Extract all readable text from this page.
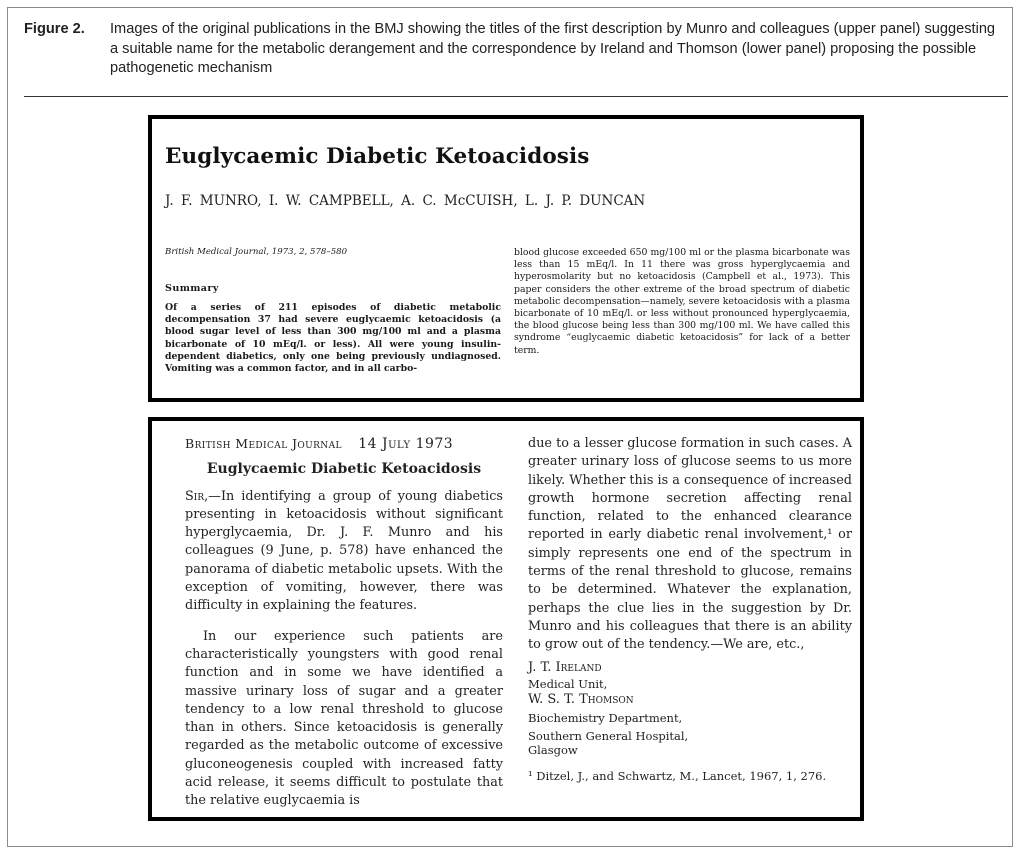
Figure 2. Images of the original publications in the BMJ showing the titles of the first description by Munro and colleagues (upper panel) suggesting a suitable name for the metabolic derangement and the correspondence by Ireland and Thomson (lower panel) proposing the possible pathogenetic mechanism
Euglycaemic Diabetic Ketoacidosis
J. F. MUNRO, I. W. CAMPBELL, A. C. McCUISH, L. J. P. DUNCAN
British Medical Journal, 1973, 2, 578–580
Summary
Of a series of 211 episodes of diabetic metabolic decompensation 37 had severe euglycaemic ketoacidosis (a blood sugar level of less than 300 mg/100 ml and a plasma bicarbonate of 10 mEq/l. or less). All were young insulin-dependent diabetics, only one being previously undiagnosed. Vomiting was a common factor, and in all carbo-
blood glucose exceeded 650 mg/100 ml or the plasma bicarbonate was less than 15 mEq/l. In 11 there was gross hyperglycaemia and hyperosmolarity but no ketoacidosis (Campbell et al., 1973). This paper considers the other extreme of the broad spectrum of diabetic metabolic decompensation—namely, severe ketoacidosis with a plasma bicarbonate of 10 mEq/l. or less without pronounced hyperglycaemia, the blood glucose being less than 300 mg/100 ml. We have called this syndrome “euglycaemic diabetic ketoacidosis” for lack of a better term.
British Medical Journal 14 July 1973
Euglycaemic Diabetic Ketoacidosis

Sir,—In identifying a group of young diabetics presenting in ketoacidosis without significant hyperglycaemia, Dr. J. F. Munro and his colleagues (9 June, p. 578) have enhanced the panorama of diabetic metabolic upsets. With the exception of vomiting, however, there was difficulty in explaining the features.

In our experience such patients are characteristically youngsters with good renal function and in some we have identified a massive urinary loss of sugar and a greater tendency to a low renal threshold to glucose than in others. Since ketoacidosis is generally regarded as the metabolic outcome of excessive gluconeogenesis coupled with increased fatty acid release, it seems difficult to postulate that the relative euglycaemia is

due to a lesser glucose formation in such cases. A greater urinary loss of glucose seems to us more likely. Whether this is a consequence of increased growth hormone secretion affecting renal function, related to the enhanced clearance reported in early diabetic renal involvement,¹ or simply represents one end of the spectrum in terms of the renal threshold to glucose, remains to be determined. Whatever the explanation, perhaps the clue lies in the suggestion by Dr. Munro and his colleagues that there is an ability to grow out of the tendency.—We are, etc.,

J. T. Ireland

Medical Unit,

W. S. T. Thomson

Biochemistry Department,
Southern General Hospital,
Glasgow
¹ Ditzel, J., and Schwartz, M., Lancet, 1967, 1, 276.
